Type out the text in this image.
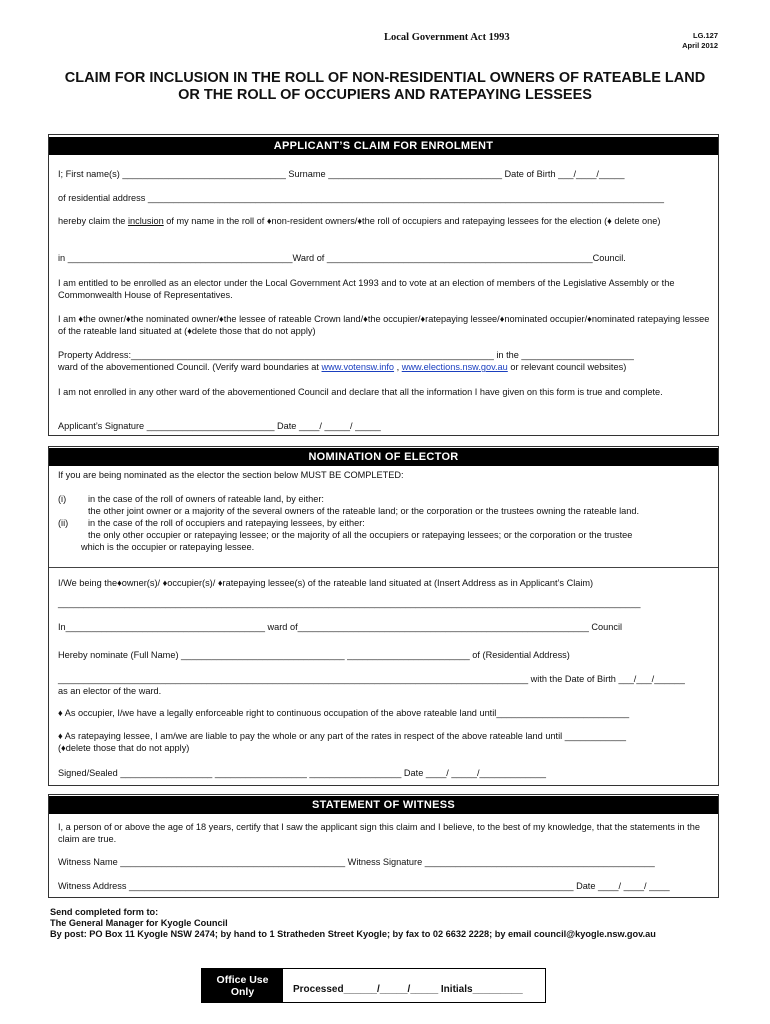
Local Government Act 1993	LG.127
April 2012
CLAIM FOR INCLUSION IN THE ROLL OF NON-RESIDENTIAL OWNERS OF RATEABLE LAND
OR THE ROLL OF OCCUPIERS AND RATEPAYING LESSEES
APPLICANT’S CLAIM FOR ENROLMENT
I; First name(s) ________________________________ Surname __________________________________ Date of Birth ___/____/_____
of residential address _____________________________________________________________________________________________________
hereby claim the inclusion of my name in the roll of ♦non-resident owners/♦the roll of occupiers and ratepaying lessees for the election (♦ delete one)
in ____________________________________________Ward of ____________________________________________________Council.
I am entitled to be enrolled as an elector under the Local Government Act 1993 and to vote at an election of members of the Legislative Assembly or the Commonwealth House of Representatives.
I am ♦the owner/♦the nominated owner/♦the lessee of rateable Crown land/♦the occupier/♦ratepaying lessee/♦nominated occupier/♦nominated ratepaying lessee of the rateable land situated at (♦delete those that do not apply)
Property Address:_______________________________________________________________________ in the ______________________
ward of the abovementioned Council. (Verify ward boundaries at www.votensw.info , www.elections.nsw.gov.au or relevant council websites)
I am not enrolled in any other ward of the abovementioned Council and declare that all the information I have given on this form is true and complete.
Applicant’s Signature _________________________ Date ____/ _____/ _____
NOMINATION OF ELECTOR
If you are being nominated as the elector the section below MUST BE COMPLETED:
(i) in the case of the roll of owners of rateable land, by either:
the other joint owner or a majority of the several owners of the rateable land; or the corporation or the trustees owning the rateable land.
(ii) in the case of the roll of occupiers and ratepaying lessees, by either:
the only other occupier or ratepaying lessee; or the majority of all the occupiers or ratepaying lessees; or the corporation or the trustee
which is the occupier or ratepaying lessee.
I/We being the♦owner(s)/ ♦occupier(s)/ ♦ratepaying lessee(s) of the rateable land situated at (Insert Address as in Applicant’s Claim)
__________________________________________________________________________________________________________________
In_______________________________________ ward of_________________________________________________________ Council
Hereby nominate (Full Name) ________________________________ ________________________ of (Residential Address)
____________________________________________________________________________________________ with the Date of Birth ___/___/______
as an elector of the ward.
♦ As occupier, I/we have a legally enforceable right to continuous occupation of the above rateable land until__________________________
♦ As ratepaying lessee, I am/we are liable to pay the whole or any part of the rates in respect of the above rateable land until ____________
(♦delete those that do not apply)
Signed/Sealed __________________ __________________ __________________ Date ____/ _____/_____________
STATEMENT OF WITNESS
I, a person of or above the age of 18 years, certify that I saw the applicant sign this claim and I believe, to the best of my knowledge, that the statements in the claim are true.
Witness Name ____________________________________________ Witness Signature _____________________________________________
Witness Address _______________________________________________________________________________________ Date ____/ ____/ ____
Send completed form to:
The General Manager for Kyogle Council
By post: PO Box 11 Kyogle NSW 2474; by hand to 1 Stratheden Street Kyogle; by fax to 02 6632 2228; by email council@kyogle.nsw.gov.au
Office Use
Only	Processed______/_____/_____ Initials_________
